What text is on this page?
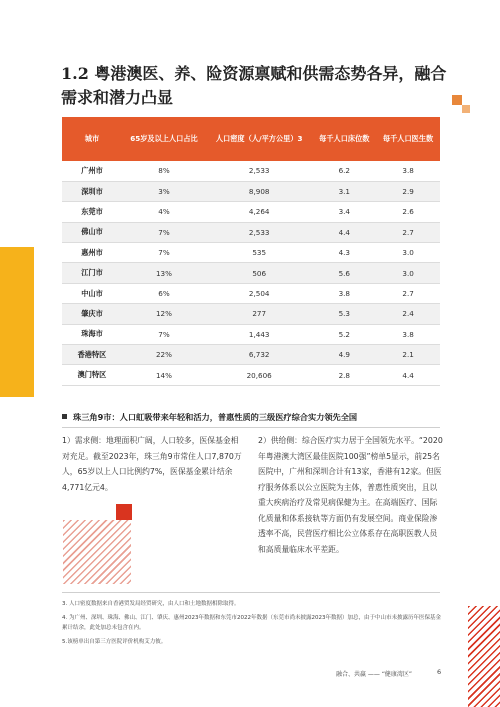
1.2 粤港澳医、养、险资源禀赋和供需态势各异，融合需求和潜力凸显
城市	65岁及以上人口占比	人口密度（人/平方公里）3	每千人口床位数	每千人口医生数
广州市	8%	2,533	6.2	3.8
深圳市	3%	8,908	3.1	2.9
东莞市	4%	4,264	3.4	2.6
佛山市	7%	2,533	4.4	2.7
惠州市	7%	535	4.3	3.0
江门市	13%	506	5.6	3.0
中山市	6%	2,504	3.8	2.7
肇庆市	12%	277	5.3	2.4
珠海市	7%	1,443	5.2	3.8
香港特区	22%	6,732	4.9	2.1
澳门特区	14%	20,606	2.8	4.4
珠三角9市：人口虹吸带来年轻和活力，普惠性质的三级医疗综合实力领先全国

1）需求侧：地理面积广阔，人口较多，医保基金相对充足。截至2023年，珠三角9市常住人口7,870万人，65岁以上人口比例约7%，医保基金累计结余4,771亿元4。

2）供给侧：综合医疗实力居于全国领先水平。“2020年粤港澳大湾区最佳医院100强”榜单5显示，前25名医院中，广州和深圳合计有13家，香港有12家。但医疗服务体系以公立医院为主体，普惠性质突出，且以重大疾病治疗及常见病保健为主。在高端医疗、国际化质量和体系接轨等方面仍有发展空间。商业保险渗透率不高，民营医疗相比公立体系存在高职医教人员和高质量临床水平差距。

3. 人口密度数据来自香港贸发局经贸研究，由人口和土地数据相除取得。

4. 为广州、深圳、珠海、佛山、江门、肇庆、惠州2023年数据和东莞市2022年数据（东莞市尚未披露2023年数据）加总，由于中山市未披露历年医保基金累计结余，此处加总未包含在内。

5.该榜单出自第三方医院评价机构艾力彼。

融合、共赢 —— “健康湾区”	6
